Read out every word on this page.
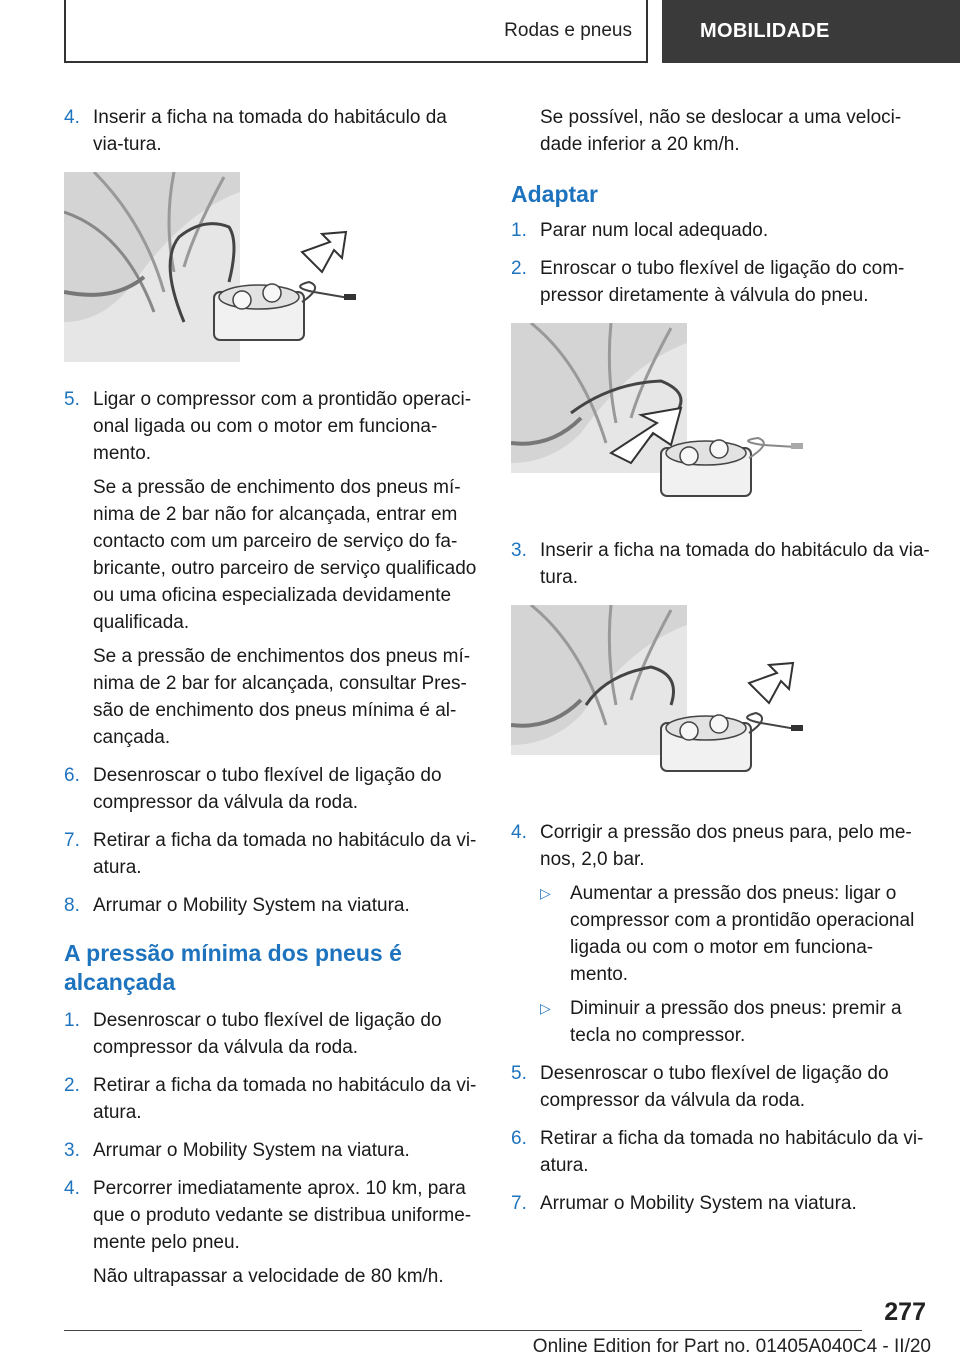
Rodas e pneus	MOBILIDADE
4. Inserir a ficha na tomada do habitáculo da via-tura.

5. Ligar o compressor com a prontidão operaci-onal ligada ou com o motor em funciona-mento.

Se a pressão de enchimento dos pneus mí-nima de 2 bar não for alcançada, entrar em contacto com um parceiro de serviço do fa-bricante, outro parceiro de serviço qualificado ou uma oficina especializada devidamente qualificada.

Se a pressão de enchimentos dos pneus mí-nima de 2 bar for alcançada, consultar Pres-são de enchimento dos pneus mínima é al-cançada.

6. Desenroscar o tubo flexível de ligação do compressor da válvula da roda.

7. Retirar a ficha da tomada no habitáculo da vi-atura.

8. Arrumar o Mobility System na viatura.

A pressão mínima dos pneus é alcançada
1. Desenroscar o tubo flexível de ligação do compressor da válvula da roda.

2. Retirar a ficha da tomada no habitáculo da vi-atura.

3. Arrumar o Mobility System na viatura.

4. Percorrer imediatamente aprox. 10 km, para que o produto vedante se distribua uniforme-mente pelo pneu.

Não ultrapassar a velocidade de 80 km/h.

Se possível, não se deslocar a uma veloci-dade inferior a 20 km/h.

Adaptar
1. Parar num local adequado.

2. Enroscar o tubo flexível de ligação do com-pressor diretamente à válvula do pneu.

3. Inserir a ficha na tomada do habitáculo da via-tura.

4. Corrigir a pressão dos pneus para, pelo me-nos, 2,0 bar.

▷ Aumentar a pressão dos pneus: ligar o compressor com a prontidão operacional ligada ou com o motor em funciona-mento.
▷ Diminuir a pressão dos pneus: premir a tecla no compressor.
5. Desenroscar o tubo flexível de ligação do compressor da válvula da roda.

6. Retirar a ficha da tomada no habitáculo da vi-atura.

7. Arrumar o Mobility System na viatura.

277
Online Edition for Part no. 01405A040C4 - II/20
